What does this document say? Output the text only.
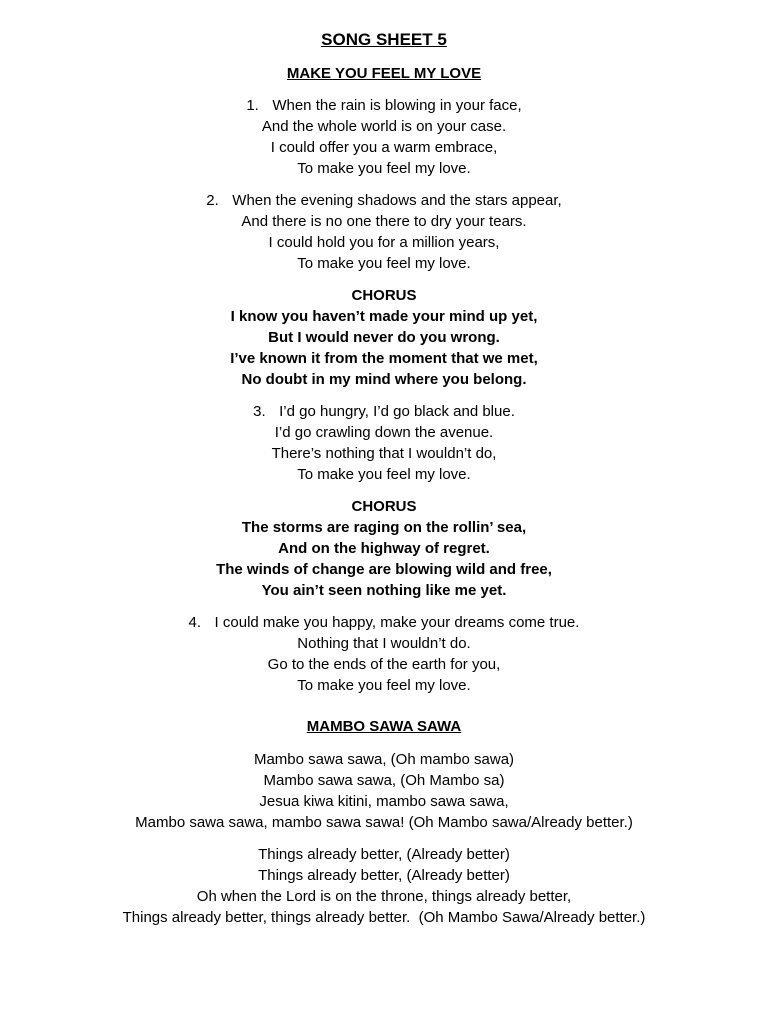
SONG SHEET 5
MAKE YOU FEEL MY LOVE
1. When the rain is blowing in your face,
And the whole world is on your case.
I could offer you a warm embrace,
To make you feel my love.
2. When the evening shadows and the stars appear,
And there is no one there to dry your tears.
I could hold you for a million years,
To make you feel my love.
CHORUS
I know you haven’t made your mind up yet,
But I would never do you wrong.
I’ve known it from the moment that we met,
No doubt in my mind where you belong.
3. I’d go hungry, I’d go black and blue.
I’d go crawling down the avenue.
There’s nothing that I wouldn’t do,
To make you feel my love.
CHORUS
The storms are raging on the rollin’ sea,
And on the highway of regret.
The winds of change are blowing wild and free,
You ain’t seen nothing like me yet.
4. I could make you happy, make your dreams come true.
Nothing that I wouldn’t do.
Go to the ends of the earth for you,
To make you feel my love.
MAMBO SAWA SAWA
Mambo sawa sawa, (Oh mambo sawa)
Mambo sawa sawa, (Oh Mambo sa)
Jesua kiwa kitini, mambo sawa sawa,
Mambo sawa sawa, mambo sawa sawa! (Oh Mambo sawa/Already better.)
Things already better, (Already better)
Things already better, (Already better)
Oh when the Lord is on the throne, things already better,
Things already better, things already better.  (Oh Mambo Sawa/Already better.)
